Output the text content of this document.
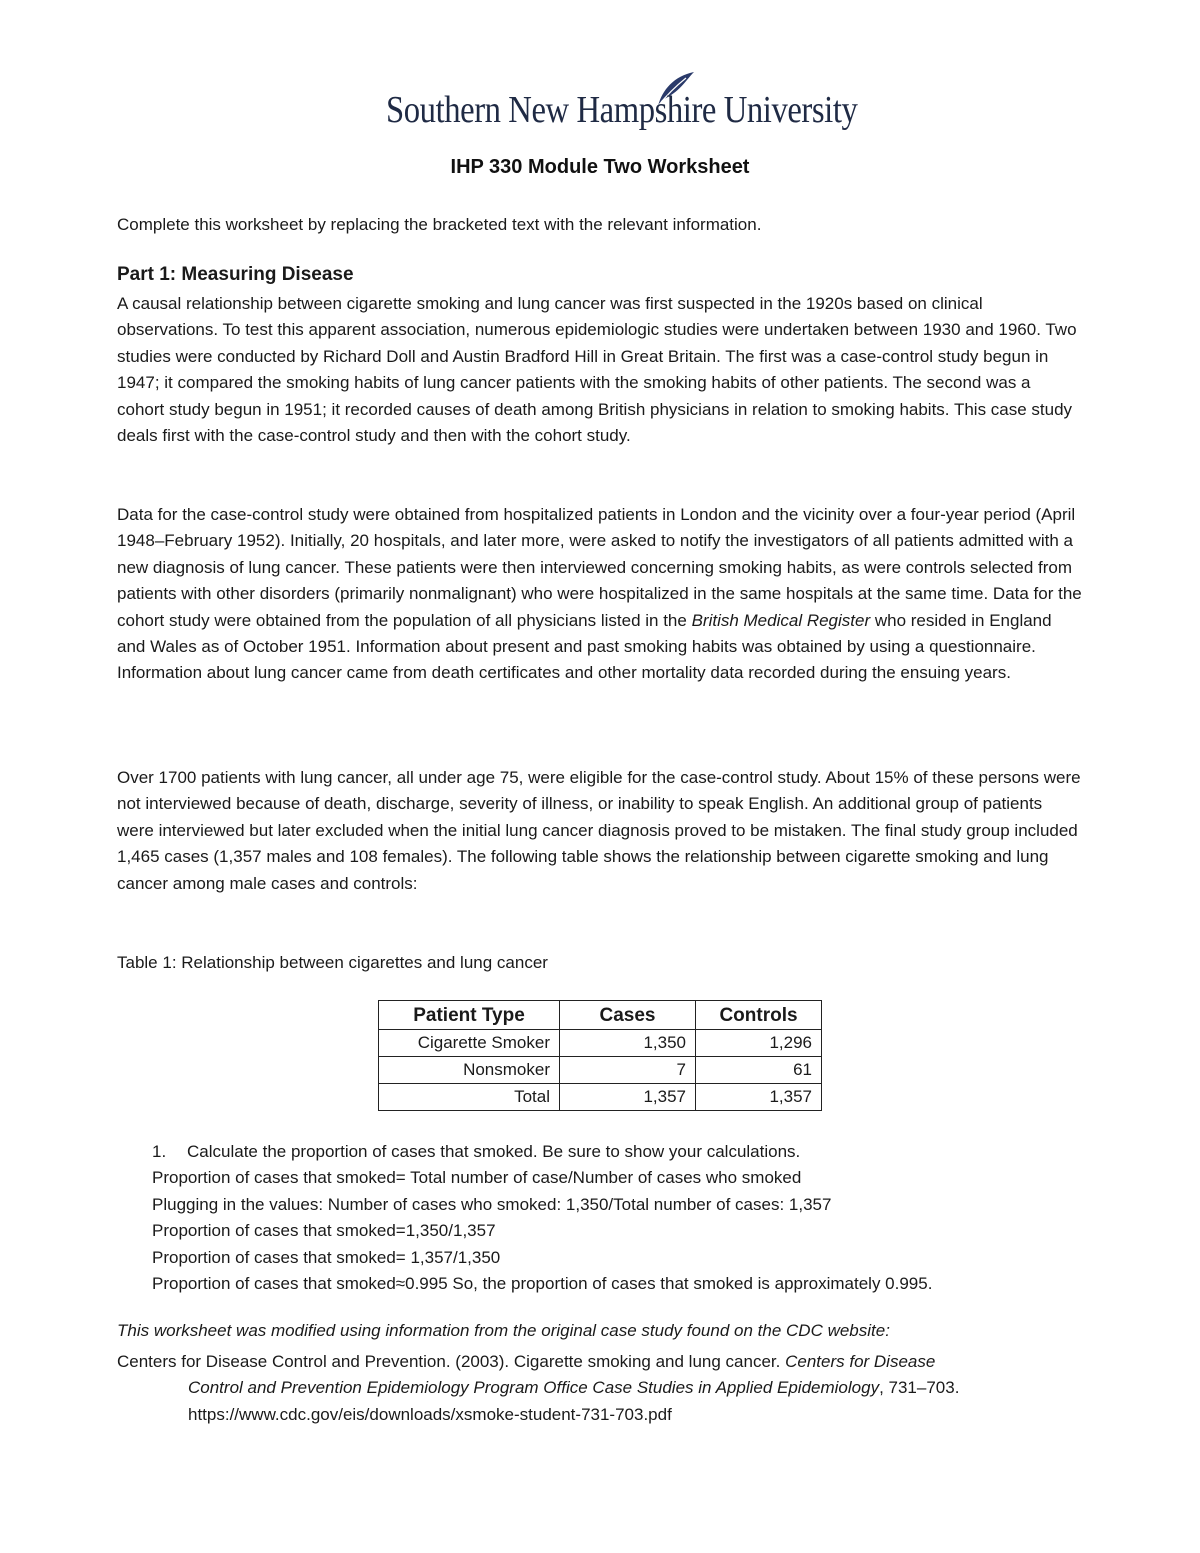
Southern New Hampshire University
IHP 330 Module Two Worksheet
Complete this worksheet by replacing the bracketed text with the relevant information.
Part 1: Measuring Disease

A causal relationship between cigarette smoking and lung cancer was first suspected in the 1920s based on clinical observations. To test this apparent association, numerous epidemiologic studies were undertaken between 1930 and 1960. Two studies were conducted by Richard Doll and Austin Bradford Hill in Great Britain. The first was a case-control study begun in 1947; it compared the smoking habits of lung cancer patients with the smoking habits of other patients. The second was a cohort study begun in 1951; it recorded causes of death among British physicians in relation to smoking habits. This case study deals first with the case-control study and then with the cohort study.

Data for the case-control study were obtained from hospitalized patients in London and the vicinity over a four-year period (April 1948–February 1952). Initially, 20 hospitals, and later more, were asked to notify the investigators of all patients admitted with a new diagnosis of lung cancer. These patients were then interviewed concerning smoking habits, as were controls selected from patients with other disorders (primarily nonmalignant) who were hospitalized in the same hospitals at the same time. Data for the cohort study were obtained from the population of all physicians listed in the British Medical Register who resided in England and Wales as of October 1951. Information about present and past smoking habits was obtained by using a questionnaire. Information about lung cancer came from death certificates and other mortality data recorded during the ensuing years.

Over 1700 patients with lung cancer, all under age 75, were eligible for the case-control study. About 15% of these persons were not interviewed because of death, discharge, severity of illness, or inability to speak English. An additional group of patients were interviewed but later excluded when the initial lung cancer diagnosis proved to be mistaken. The final study group included 1,465 cases (1,357 males and 108 females). The following table shows the relationship between cigarette smoking and lung cancer among male cases and controls:

Table 1: Relationship between cigarettes and lung cancer
Patient Type	Cases	Controls
Cigarette Smoker	1,350	1,296
Nonsmoker	7	61
Total	1,357	1,357
1. Calculate the proportion of cases that smoked. Be sure to show your calculations.
Proportion of cases that smoked= Total number of case/Number of cases who smoked
Plugging in the values: Number of cases who smoked: 1,350/Total number of cases: 1,357
Proportion of cases that smoked=1,350/1,357
Proportion of cases that smoked= 1,357/1,350
Proportion of cases that smoked≈0.995 So, the proportion of cases that smoked is approximately 0.995.
This worksheet was modified using information from the original case study found on the CDC website:
Centers for Disease Control and Prevention. (2003). Cigarette smoking and lung cancer. Centers for Disease
Control and Prevention Epidemiology Program Office Case Studies in Applied Epidemiology, 731–703.
https://www.cdc.gov/eis/downloads/xsmoke-student-731-703.pdf
